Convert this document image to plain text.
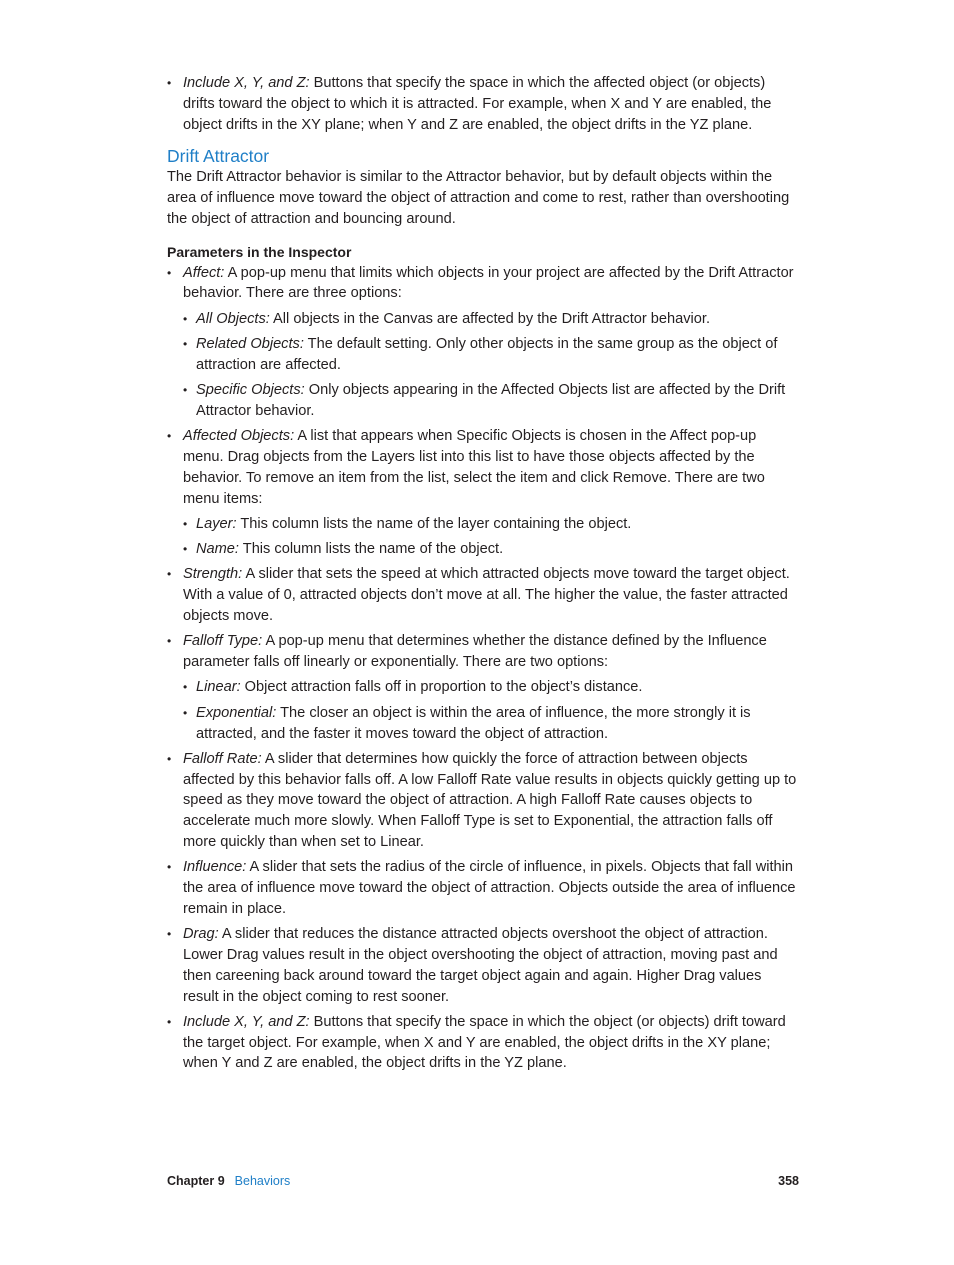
• Include X, Y, and Z: Buttons that specify the space in which the affected object (or objects) drifts toward the object to which it is attracted. For example, when X and Y are enabled, the object drifts in the XY plane; when Y and Z are enabled, the object drifts in the YZ plane.
Drift Attractor

The Drift Attractor behavior is similar to the Attractor behavior, but by default objects within the area of influence move toward the object of attraction and come to rest, rather than overshooting the object of attraction and bouncing around.

Parameters in the Inspector
• Affect: A pop-up menu that limits which objects in your project are affected by the Drift Attractor behavior. There are three options:
• All Objects: All objects in the Canvas are affected by the Drift Attractor behavior.
• Related Objects: The default setting. Only other objects in the same group as the object of attraction are affected.
• Specific Objects: Only objects appearing in the Affected Objects list are affected by the Drift Attractor behavior.
• Affected Objects: A list that appears when Specific Objects is chosen in the Affect pop-up menu. Drag objects from the Layers list into this list to have those objects affected by the behavior. To remove an item from the list, select the item and click Remove. There are two menu items:
• Layer: This column lists the name of the layer containing the object.
• Name: This column lists the name of the object.
• Strength: A slider that sets the speed at which attracted objects move toward the target object. With a value of 0, attracted objects don’t move at all. The higher the value, the faster attracted objects move.
• Falloff Type: A pop-up menu that determines whether the distance defined by the Influence parameter falls off linearly or exponentially. There are two options:
• Linear: Object attraction falls off in proportion to the object’s distance.
• Exponential: The closer an object is within the area of influence, the more strongly it is attracted, and the faster it moves toward the object of attraction.
• Falloff Rate: A slider that determines how quickly the force of attraction between objects affected by this behavior falls off. A low Falloff Rate value results in objects quickly getting up to speed as they move toward the object of attraction. A high Falloff Rate causes objects to accelerate much more slowly. When Falloff Type is set to Exponential, the attraction falls off more quickly than when set to Linear.
• Influence: A slider that sets the radius of the circle of influence, in pixels. Objects that fall within the area of influence move toward the object of attraction. Objects outside the area of influence remain in place.
• Drag: A slider that reduces the distance attracted objects overshoot the object of attraction. Lower Drag values result in the object overshooting the object of attraction, moving past and then careening back around toward the target object again and again. Higher Drag values result in the object coming to rest sooner.
• Include X, Y, and Z: Buttons that specify the space in which the object (or objects) drift toward the target object. For example, when X and Y are enabled, the object drifts in the XY plane; when Y and Z are enabled, the object drifts in the YZ plane.
Chapter 9 Behaviors	358
